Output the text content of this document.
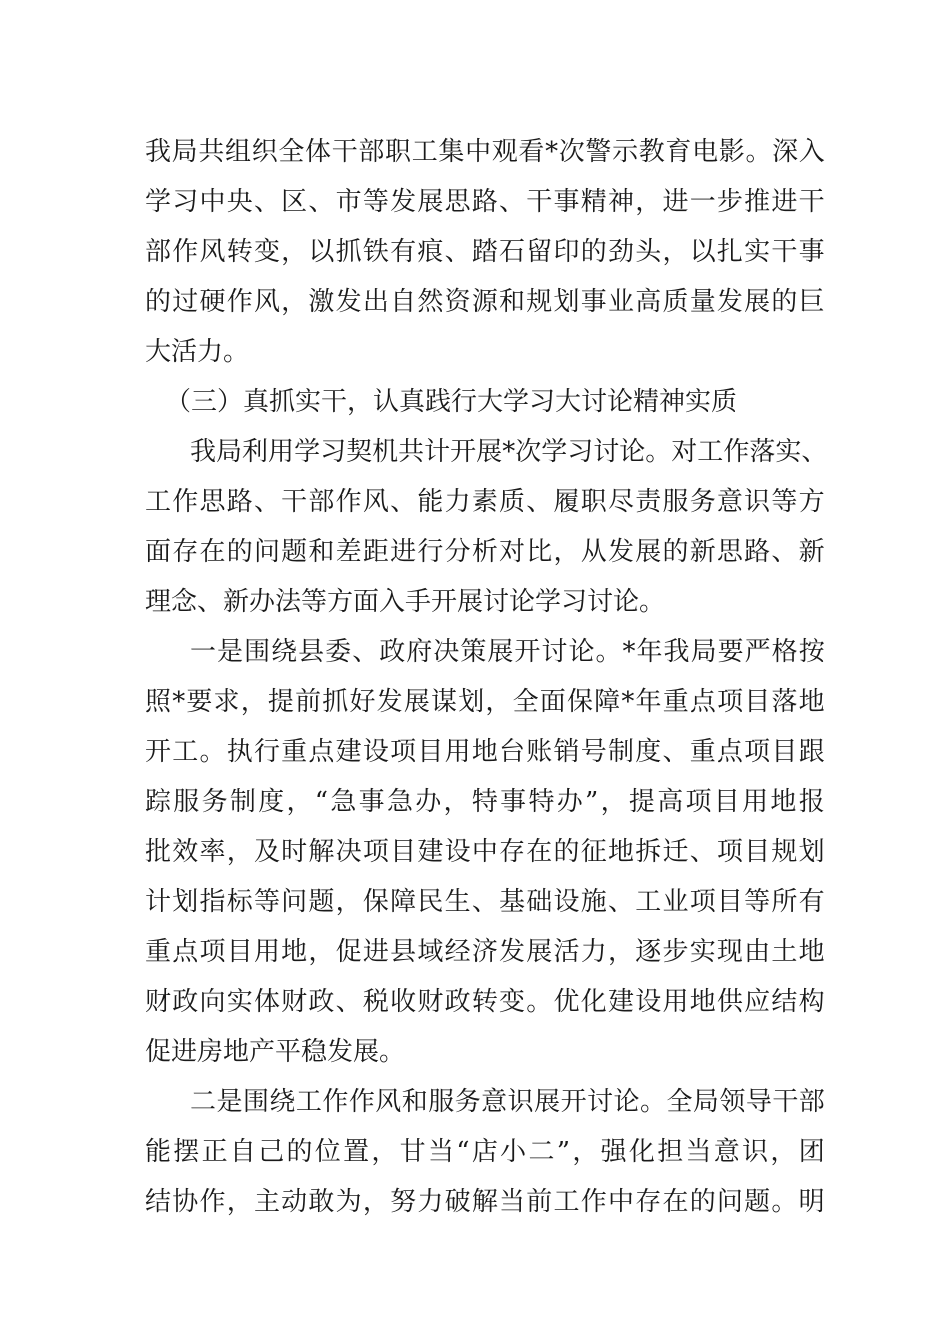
我 局 共 组 织 全 体 干 部 职 工 集 中 观 看 * 次 警 示 教 育 电 影 。 深 入
学 习 中 央 、 区 、 市 等 发 展 思 路 、 干 事 精 神 ， 进 一 步 推 进 干
部 作 风 转 变 ， 以 抓 铁 有 痕 、 踏 石 留 印 的 劲 头 ， 以 扎 实 干 事
的 过 硬 作 风 ， 激 发 出 自 然 资 源 和 规 划 事 业 高 质 量 发 展 的 巨
大活力。
（三）真抓实干，认真践行大学习大讨论精神实质
我 局 利 用 学 习 契 机 共 计 开 展 * 次 学 习 讨 论 。 对 工 作 落 实 、
工 作 思 路 、 干 部 作 风 、 能 力 素 质 、 履 职 尽 责 服 务 意 识 等 方
面 存 在 的 问 题 和 差 距 进 行 分 析 对 比 ， 从 发 展 的 新 思 路 、 新
理念、新办法等方面入手开展讨论学习讨论。
一 是 围 绕 县 委 、 政 府 决 策 展 开 讨 论 。 * 年 我 局 要 严 格 按
照 * 要 求 ， 提 前 抓 好 发 展 谋 划 ， 全 面 保 障 * 年 重 点 项 目 落 地
开 工 。 执 行 重 点 建 设 项 目 用 地 台 账 销 号 制 度 、 重 点 项 目 跟
踪 服 务 制 度 ， “ 急 事 急 办 ， 特 事 特 办 ” ， 提 高 项 目 用 地 报
批 效 率 ， 及 时 解 决 项 目 建 设 中 存 在 的 征 地 拆 迁 、 项 目 规 划
计 划 指 标 等 问 题 ， 保 障 民 生 、 基 础 设 施 、 工 业 项 目 等 所 有
重 点 项 目 用 地 ， 促 进 县 域 经 济 发 展 活 力 ， 逐 步 实 现 由 土 地
财 政 向 实 体 财 政 、 税 收 财 政 转 变 。 优 化 建 设 用 地 供 应 结 构
促进房地产平稳发展。
二 是 围 绕 工 作 作 风 和 服 务 意 识 展 开 讨 论 。 全 局 领 导 干 部
能 摆 正 自 己 的 位 置 ， 甘 当 “ 店 小 二 ” ， 强 化 担 当 意 识 ， 团
结 协 作 ， 主 动 敢 为 ， 努 力 破 解 当 前 工 作 中 存 在 的 问 题 。 明
